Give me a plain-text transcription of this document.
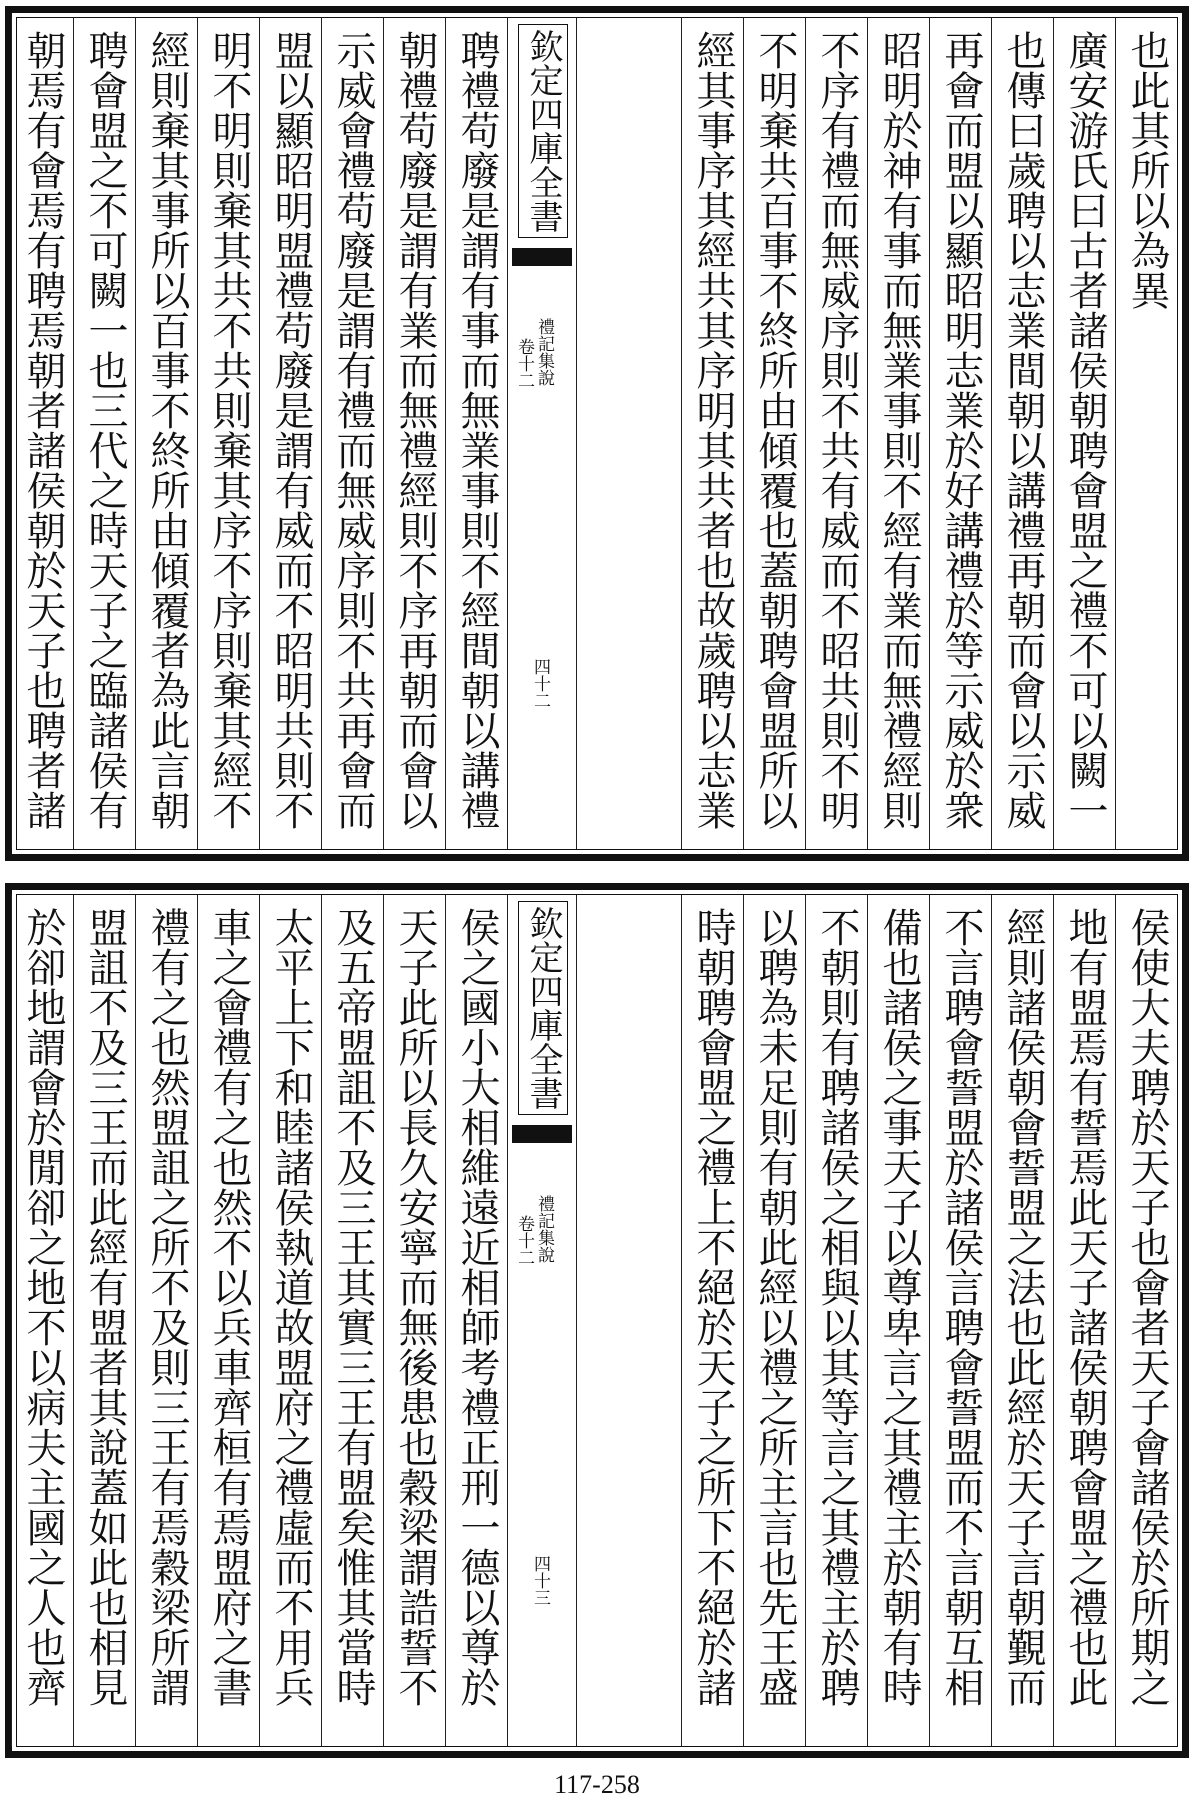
也此其所以為異
廣安游氏曰古者諸侯朝聘會盟之禮不可以闕一
也傳曰歲聘以志業間朝以講禮再朝而會以示威
再會而盟以顯昭明志業於好講禮於等示威於衆
昭明於神有事而無業事則不經有業而無禮經則
不序有禮而無威序則不共有威而不昭共則不明
不明棄共百事不終所由傾覆也蓋朝聘會盟所以
經其事序其經共其序明其共者也故歲聘以志業
欽定四庫全書
禮記集說
卷十二
四十二
聘禮苟廢是謂有事而無業事則不經間朝以講禮
朝禮苟廢是謂有業而無禮經則不序再朝而會以
示威會禮苟廢是謂有禮而無威序則不共再會而
盟以顯昭明盟禮苟廢是謂有威而不昭明共則不
明不明則棄其共不共則棄其序不序則棄其經不
經則棄其事所以百事不終所由傾覆者為此言朝
聘會盟之不可闕一也三代之時天子之臨諸侯有
朝焉有會焉有聘焉朝者諸侯朝於天子也聘者諸
侯使大夫聘於天子也會者天子會諸侯於所期之
地有盟焉有誓焉此天子諸侯朝聘會盟之禮也此
經則諸侯朝會誓盟之法也此經於天子言朝覲而
不言聘會誓盟於諸侯言聘會誓盟而不言朝互相
備也諸侯之事天子以尊卑言之其禮主於朝有時
不朝則有聘諸侯之相與以其等言之其禮主於聘
以聘為未足則有朝此經以禮之所主言也先王盛
時朝聘會盟之禮上不絕於天子之所下不絕於諸
欽定四庫全書
禮記集說
卷十二
四十三
侯之國小大相維遠近相師考禮正刑一德以尊於
天子此所以長久安寧而無後患也穀梁謂誥誓不
及五帝盟詛不及三王其實三王有盟矣惟其當時
太平上下和睦諸侯執道故盟府之禮虛而不用兵
車之會禮有之也然不以兵車齊桓有焉盟府之書
禮有之也然盟詛之所不及則三王有焉穀梁所謂
盟詛不及三王而此經有盟者其說蓋如此也相見
於卻地謂會於閒卻之地不以病夫主國之人也齊
117-258
